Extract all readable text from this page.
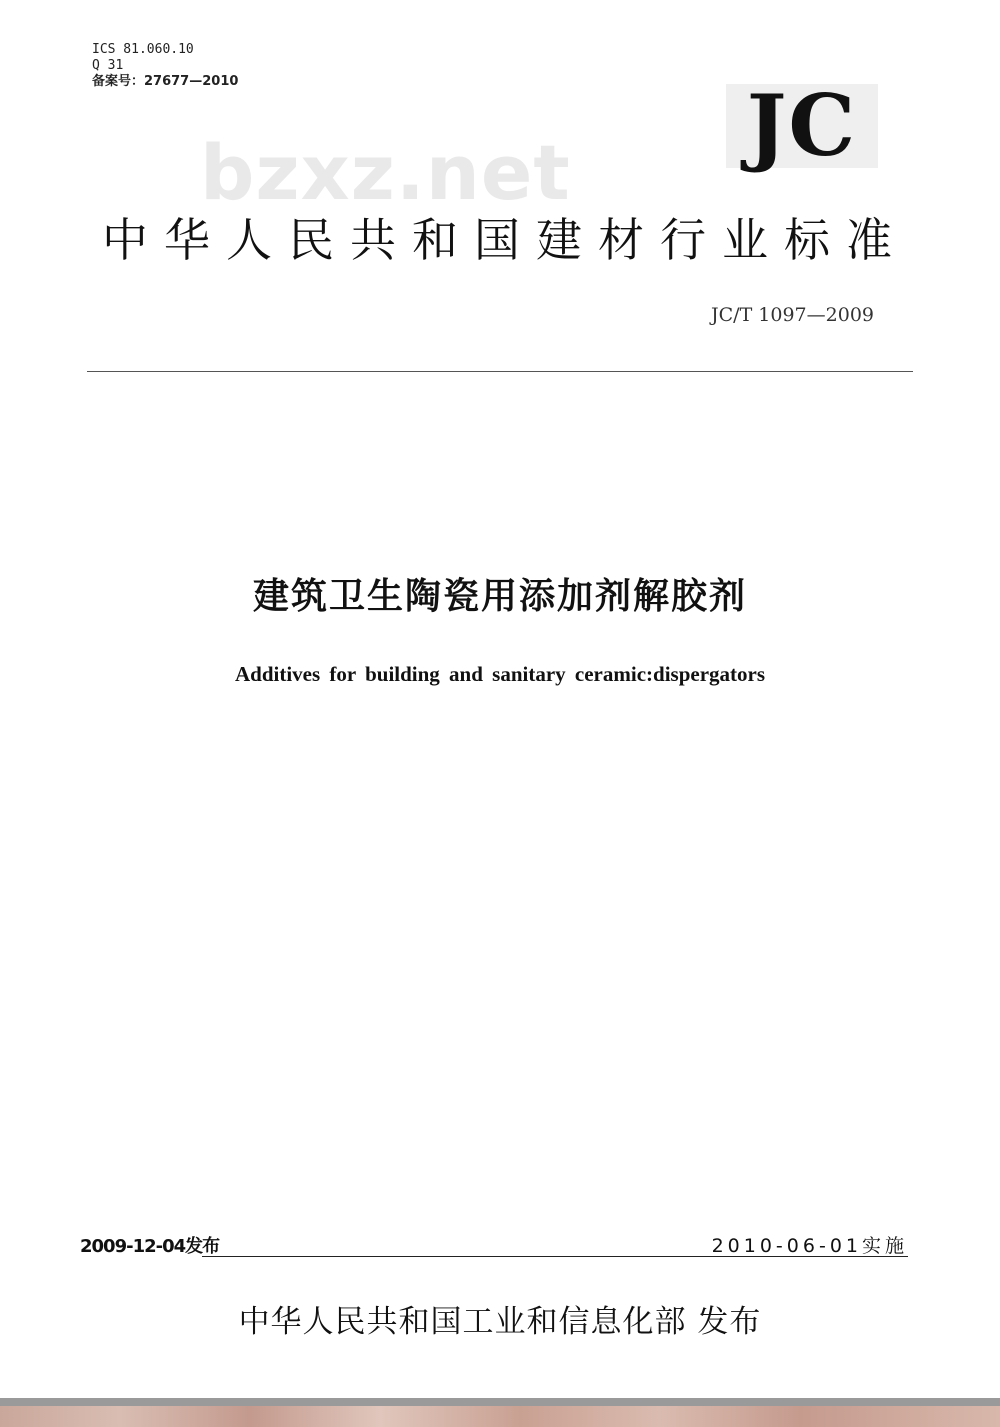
ICS 81.060.10
Q 31
备案号：27677—2010	JC
bzxz.net
中华人民共和国建材行业标准
JC/T 1097—2009
建筑卫生陶瓷用添加剂解胶剂
Additives for building and sanitary ceramic:dispergators
2009-12-04发布	2010-06-01实施
中华人民共和国工业和信息化部 发布
